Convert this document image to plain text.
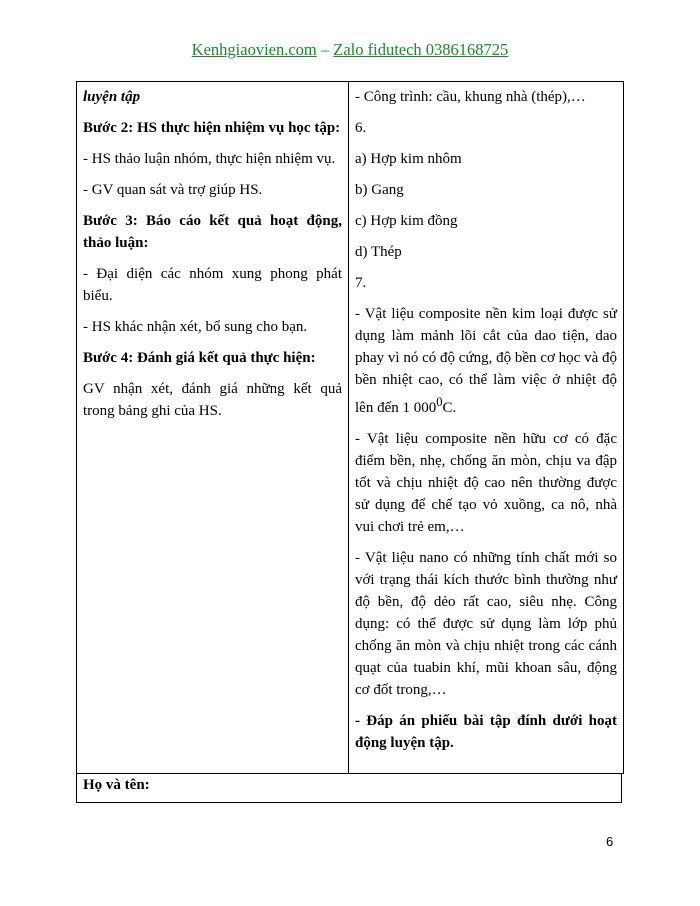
Kenhgiaovien.com – Zalo fidutech 0386168725

luyện tập

Bước 2: HS thực hiện nhiệm vụ học tập:

- HS thảo luận nhóm, thực hiện nhiệm vụ.

- GV quan sát và trợ giúp HS.

Bước 3: Báo cáo kết quả hoạt động, thảo luận:

- Đại diện các nhóm xung phong phát biểu.

- HS khác nhận xét, bổ sung cho bạn.

Bước 4: Đánh giá kết quả thực hiện:

GV nhận xét, đánh giá những kết quả trong bảng ghi của HS.

- Công trình: cầu, khung nhà (thép),…

6.

a) Hợp kim nhôm

b) Gang

c) Hợp kim đồng

d) Thép

7.

- Vật liệu composite nền kim loại được sử dụng làm mảnh lõi cắt của dao tiện, dao phay vì nó có độ cứng, độ bền cơ học và độ bền nhiệt cao, có thể làm việc ở nhiệt độ lên đến 1 $000^0C$.

- Vật liệu composite nền hữu cơ có đặc điểm bền, nhẹ, chống ăn mòn, chịu va đập tốt và chịu nhiệt độ cao nên thường được sử dụng để chế tạo vỏ xuồng, ca nô, nhà vui chơi trẻ em,…

- Vật liệu nano có những tính chất mới so với trạng thái kích thước bình thường như độ bền, độ dẻo rất cao, siêu nhẹ. Công dụng: có thể được sử dụng làm lớp phủ chống ăn mòn và chịu nhiệt trong các cánh quạt của tuabin khí, mũi khoan sâu, động cơ đốt trong,…

- Đáp án phiếu bài tập đính dưới hoạt động luyện tập.

Họ và tên:
6
